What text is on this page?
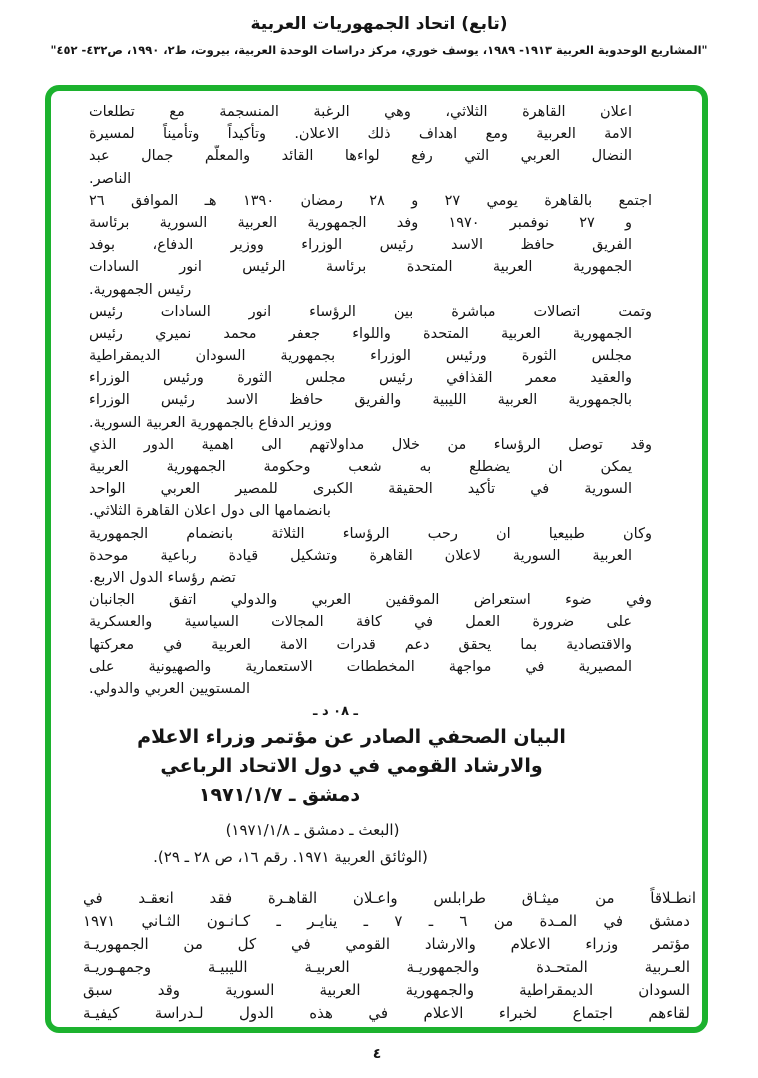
(تابع) اتحاد الجمهوريات العربية
"المشاريع الوحدوية العربية ١٩١٣- ١٩٨٩، يوسف خوري، مركز دراسات الوحدة العربية، بيروت، ط٢، ١٩٩٠، ص٤٣٢- ٤٥٢"
اعلان القاهرة الثلاثي، وهي الرغبة المنسجمة مع تطلعات
الامة العربية ومع اهداف ذلك الاعلان. وتأكيداً وتأميناً لمسيرة
النضال العربي التي رفع لواءها القائد والمعلّم جمال عبد
الناصر.
اجتمع بالقاهرة يومي ٢٧ و ٢٨ رمضان ١٣٩٠ هـ الموافق ٢٦
و ٢٧ نوفمبر ١٩٧٠ وفد الجمهورية العربية السورية برئاسة
الفريق حافظ الاسد رئيس الوزراء ووزير الدفاع، بوفد
الجمهورية العربية المتحدة برئاسة الرئيس انور السادات
رئيس الجمهورية.
وتمت اتصالات مباشرة بين الرؤساء انور السادات رئيس
الجمهورية العربية المتحدة واللواء جعفر محمد نميري رئيس
مجلس الثورة ورئيس الوزراء بجمهورية السودان الديمقراطية
والعقيد معمر القذافي رئيس مجلس الثورة ورئيس الوزراء
بالجمهورية العربية الليبية والفريق حافظ الاسد رئيس الوزراء
ووزير الدفاع بالجمهورية العربية السورية.
وقد توصل الرؤساء من خلال مداولاتهم الى اهمية الدور الذي
يمكن ان يضطلع به شعب وحكومة الجمهورية العربية
السورية في تأكيد الحقيقة الكبرى للمصير العربي الواحد
بانضمامها الى دول اعلان القاهرة الثلاثي.
وكان طبيعيا ان رحب الرؤساء الثلاثة بانضمام الجمهورية
العربية السورية لاعلان القاهرة وتشكيل قيادة رباعية موحدة
تضم رؤساء الدول الاربع.
وفي ضوء استعراض الموقفين العربي والدولي اتفق الجانبان
على ضرورة العمل في كافة المجالات السياسية والعسكرية
والاقتصادية بما يحقق دعم قدرات الامة العربية في معركتها
المصيرية في مواجهة المخططات الاستعمارية والصهيونية على
المستويين العربي والدولي.
ـ د ٠٨ ـ
البيان الصحفي الصادر عن مؤتمر وزراء الاعلام
والارشاد القومي في دول الاتحاد الرباعي
دمشق ـ ١٩٧١/١/٧
(البعث ـ دمشق ـ ١٩٧١/١/٨)
(الوثائق العربية ١٩٧١. رقم ١٦، ص ٢٨ ـ ٢٩).
انطـلاقاً من ميثـاق طرابلس واعـلان القاهـرة فقد انعقـد في
دمشق في المـدة من ٦ ـ ٧ ـ ينايـر ـ كـانـون الثـاني ١٩٧١
مؤتمر وزراء الاعلام والارشاد القومي في كل من الجمهوريـة
العـربية المتحـدة والجمهوريـة العربيـة الليبيـة وجمهـوريـة
السودان الديمقراطية والجمهورية العربية السورية وقد سبق
لقاءهم اجتماع لخبراء الاعلام في هذه الدول لـدراسة كيفيـة
٤
